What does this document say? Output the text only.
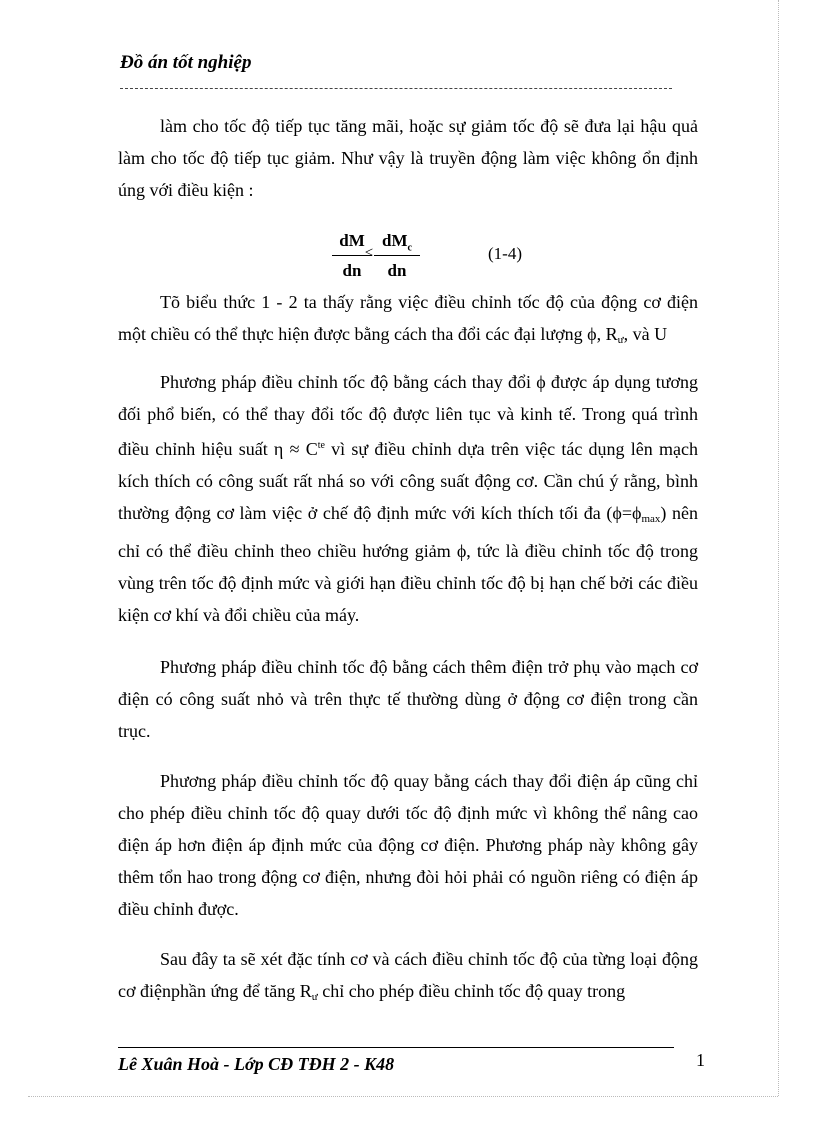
Đồ án tốt nghiệp
làm cho tốc độ tiếp tục tăng mãi, hoặc sự giảm tốc độ sẽ đưa lại hậu quả làm cho tốc độ tiếp tục giảm. Như vậy là truyền động làm việc không ổn định úng với điều kiện :
dM
dn
<
$dM_c$
dn
(1-4)
Tõ biểu thức 1 - 2 ta thấy rằng việc điều chỉnh tốc độ của động cơ điện một chiều có thể thực hiện được bằng cách tha đổi các đại lượng ϕ, $R_ư$, và U
Phương pháp điều chỉnh tốc độ bằng cách thay đổi ϕ được áp dụng tương đối phổ biến, có thể thay đổi tốc độ được liên tục và kinh tế. Trong quá trình điều chỉnh hiệu suất $\eta \approx C^{te}$ vì sự điều chỉnh dựa trên việc tác dụng lên mạch kích thích có công suất rất nhá so với công suất động cơ. Cần chú ý rằng, bình thường động cơ làm việc ở chế độ định mức với kích thích tối đa $(\phi=\phi_{max})$ nên chỉ có thể điều chỉnh theo chiều hướng giảm ϕ, tức là điều chỉnh tốc độ trong vùng trên tốc độ định mức và giới hạn điều chỉnh tốc độ bị hạn chế bởi các điều kiện cơ khí và đổi chiều của máy.
Phương pháp điều chỉnh tốc độ bằng cách thêm điện trở phụ vào mạch cơ điện có công suất nhỏ và trên thực tế thường dùng ở động cơ điện trong cần trục.
Phương pháp điều chỉnh tốc độ quay bằng cách thay đổi điện áp cũng chỉ cho phép điều chỉnh tốc độ quay dưới tốc độ định mức vì không thể nâng cao điện áp hơn điện áp định mức của động cơ điện. Phương pháp này không gây thêm tổn hao trong động cơ điện, nhưng đòi hỏi phải có nguồn riêng có điện áp điều chỉnh được.
Sau đây ta sẽ xét đặc tính cơ và cách điều chỉnh tốc độ của từng loại động cơ điệnphần ứng để tăng $R_ư$ chỉ cho phép điều chỉnh tốc độ quay trong
Lê Xuân Hoà - Lớp CĐ TĐH 2 - K48	1
